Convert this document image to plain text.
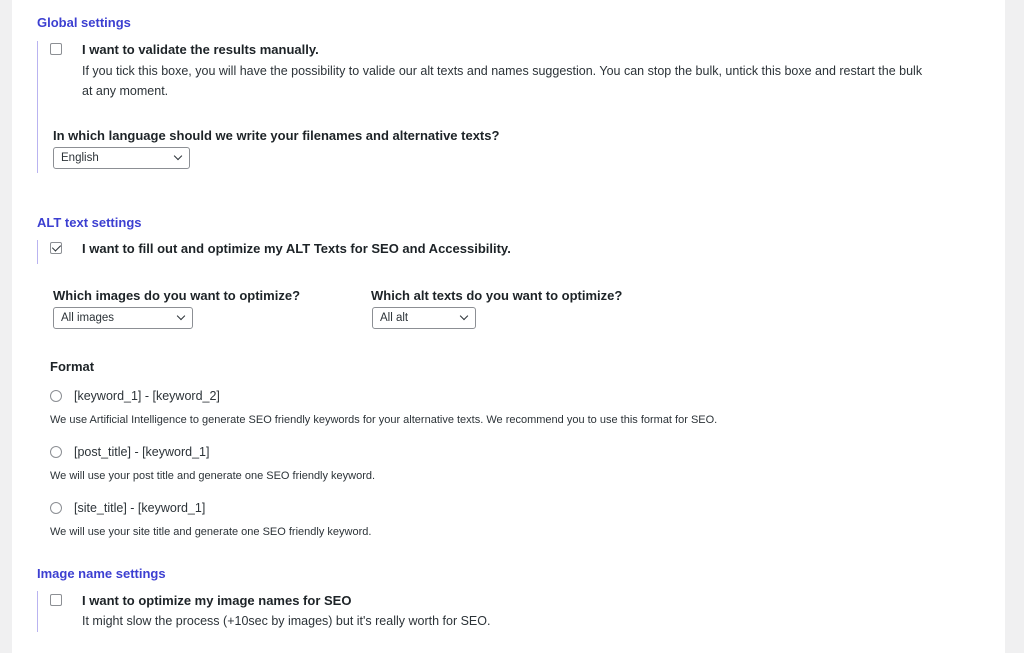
Global settings
I want to validate the results manually.
If you tick this boxe, you will have the possibility to valide our alt texts and names suggestion. You can stop the bulk, untick this boxe and restart the bulk
at any moment.
In which language should we write your filenames and alternative texts?
English
ALT text settings
I want to fill out and optimize my ALT Texts for SEO and Accessibility.
Which images do you want to optimize?
All images
Which alt texts do you want to optimize?
All alt
Format
[keyword_1] - [keyword_2]
We use Artificial Intelligence to generate SEO friendly keywords for your alternative texts. We recommend you to use this format for SEO.
[post_title] - [keyword_1]
We will use your post title and generate one SEO friendly keyword.
[site_title] - [keyword_1]
We will use your site title and generate one SEO friendly keyword.
Image name settings
I want to optimize my image names for SEO
It might slow the process (+10sec by images) but it's really worth for SEO.
